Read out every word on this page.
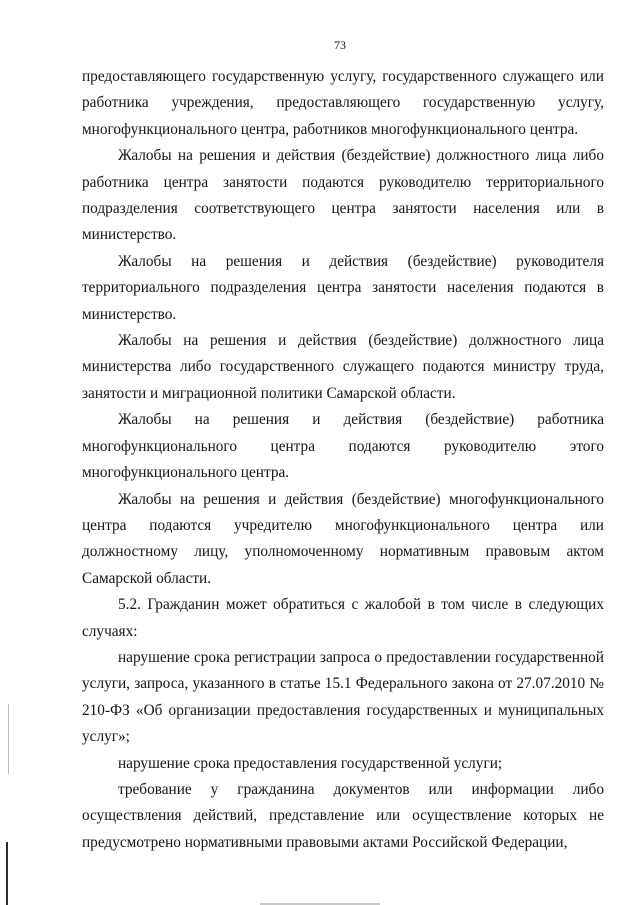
73

предоставляющего государственную услугу, государственного служащего или работника учреждения, предоставляющего государственную услугу, многофункционального центра, работников многофункционального центра.

Жалобы на решения и действия (бездействие) должностного лица либо работника центра занятости подаются руководителю территориального подразделения соответствующего центра занятости населения или в министерство.

Жалобы на решения и действия (бездействие) руководителя территориального подразделения центра занятости населения подаются в министерство.

Жалобы на решения и действия (бездействие) должностного лица министерства либо государственного служащего подаются министру труда, занятости и миграционной политики Самарской области.

Жалобы на решения и действия (бездействие) работника многофункционального центра подаются руководителю этого многофункционального центра.

Жалобы на решения и действия (бездействие) многофункционального центра подаются учредителю многофункционального центра или должностному лицу, уполномоченному нормативным правовым актом Самарской области.

5.2. Гражданин может обратиться с жалобой в том числе в следующих случаях:

нарушение срока регистрации запроса о предоставлении государственной услуги, запроса, указанного в статье 15.1 Федерального закона от 27.07.2010 № 210-ФЗ «Об организации предоставления государственных и муниципальных услуг»;

нарушение срока предоставления государственной услуги;

требование у гражданина документов или информации либо осуществления действий, представление или осуществление которых не предусмотрено нормативными правовыми актами Российской Федерации,
